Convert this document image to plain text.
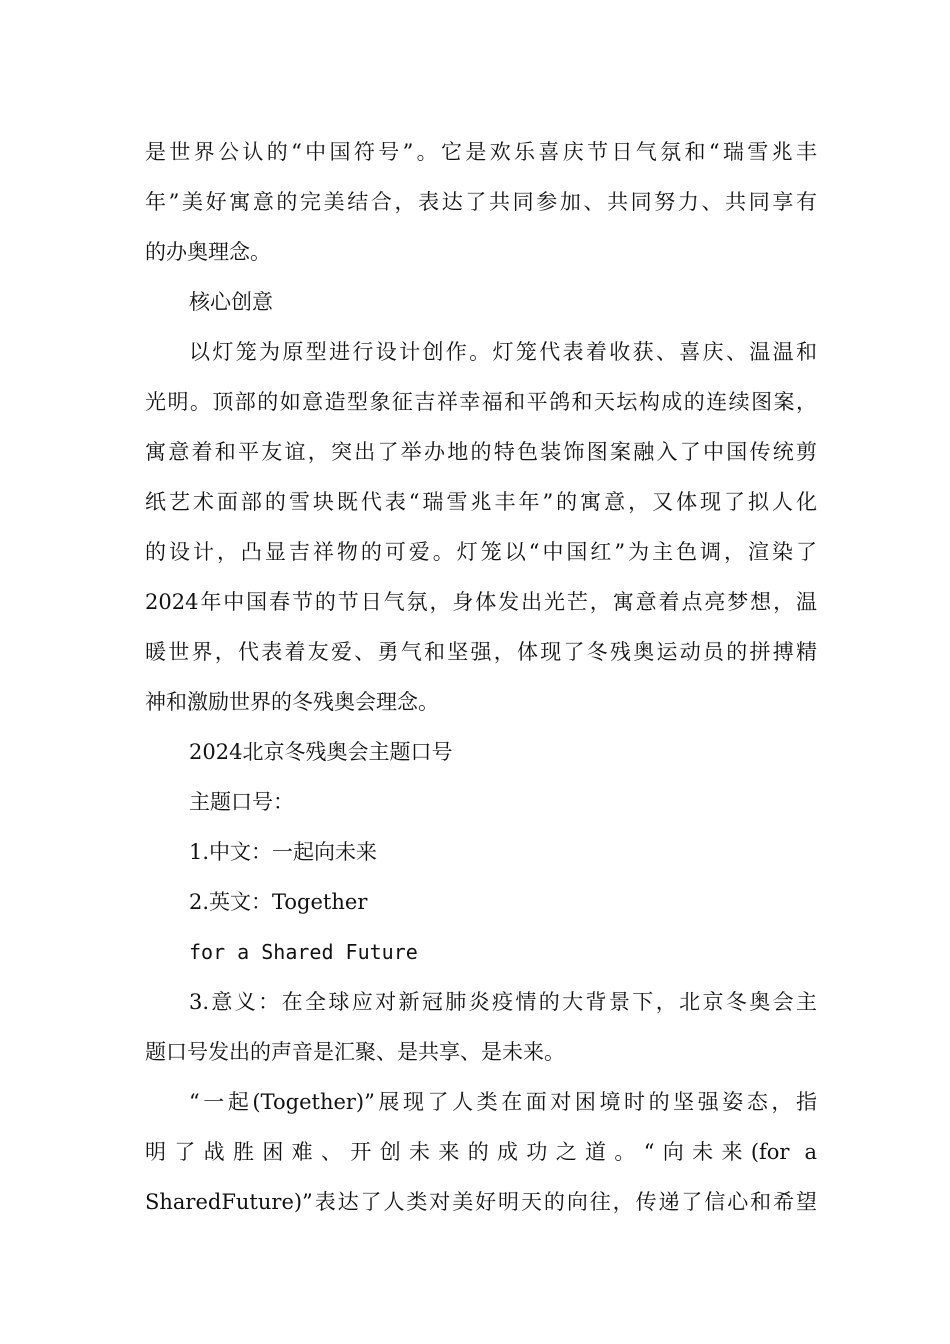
是世界公认的“中国符号”。它是欢乐喜庆节日气氛和“瑞雪兆丰
年”美好寓意的完美结合，表达了共同参加、共同努力、共同享有
的办奥理念。
核心创意
以灯笼为原型进行设计创作。灯笼代表着收获、喜庆、温温和
光明。顶部的如意造型象征吉祥幸福和平鸽和天坛构成的连续图案，
寓意着和平友谊，突出了举办地的特色装饰图案融入了中国传统剪
纸艺术面部的雪块既代表“瑞雪兆丰年”的寓意，又体现了拟人化
的设计，凸显吉祥物的可爱。灯笼以“中国红”为主色调，渲染了
2024年中国春节的节日气氛，身体发出光芒，寓意着点亮梦想，温
暖世界，代表着友爱、勇气和坚强，体现了冬残奥运动员的拼搏精
神和激励世界的冬残奥会理念。
2024北京冬残奥会主题口号
主题口号：
1.中文：一起向未来
2.英文：Together
for a Shared Future
3.意义：在全球应对新冠肺炎疫情的大背景下，北京冬奥会主
题口号发出的声音是汇聚、是共享、是未来。
“一起(Together)”展现了人类在面对困境时的坚强姿态，指
明了战胜困难、开创未来的成功之道。“向未来(for a
SharedFuture)”表达了人类对美好明天的向往，传递了信心和希望
